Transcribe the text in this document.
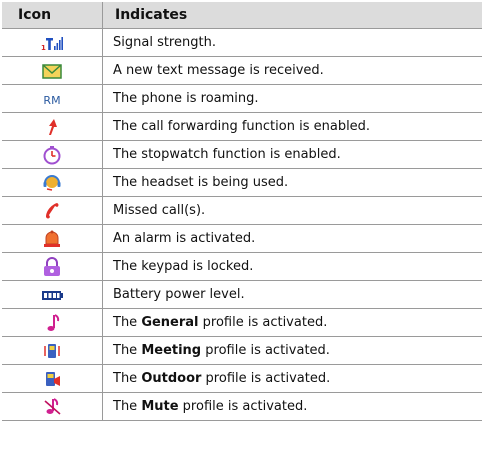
Icon	Indicates

1	Signal strength.

	A new text message is received.

RM	The phone is roaming.

	The call forwarding function is enabled.

	The stopwatch function is enabled.

	The headset is being used.

	Missed call(s).

	An alarm is activated.

	The keypad is locked.

	Battery power level.

	The General profile is activated.

	The Meeting profile is activated.

	The Outdoor profile is activated.

	The Mute profile is activated.
